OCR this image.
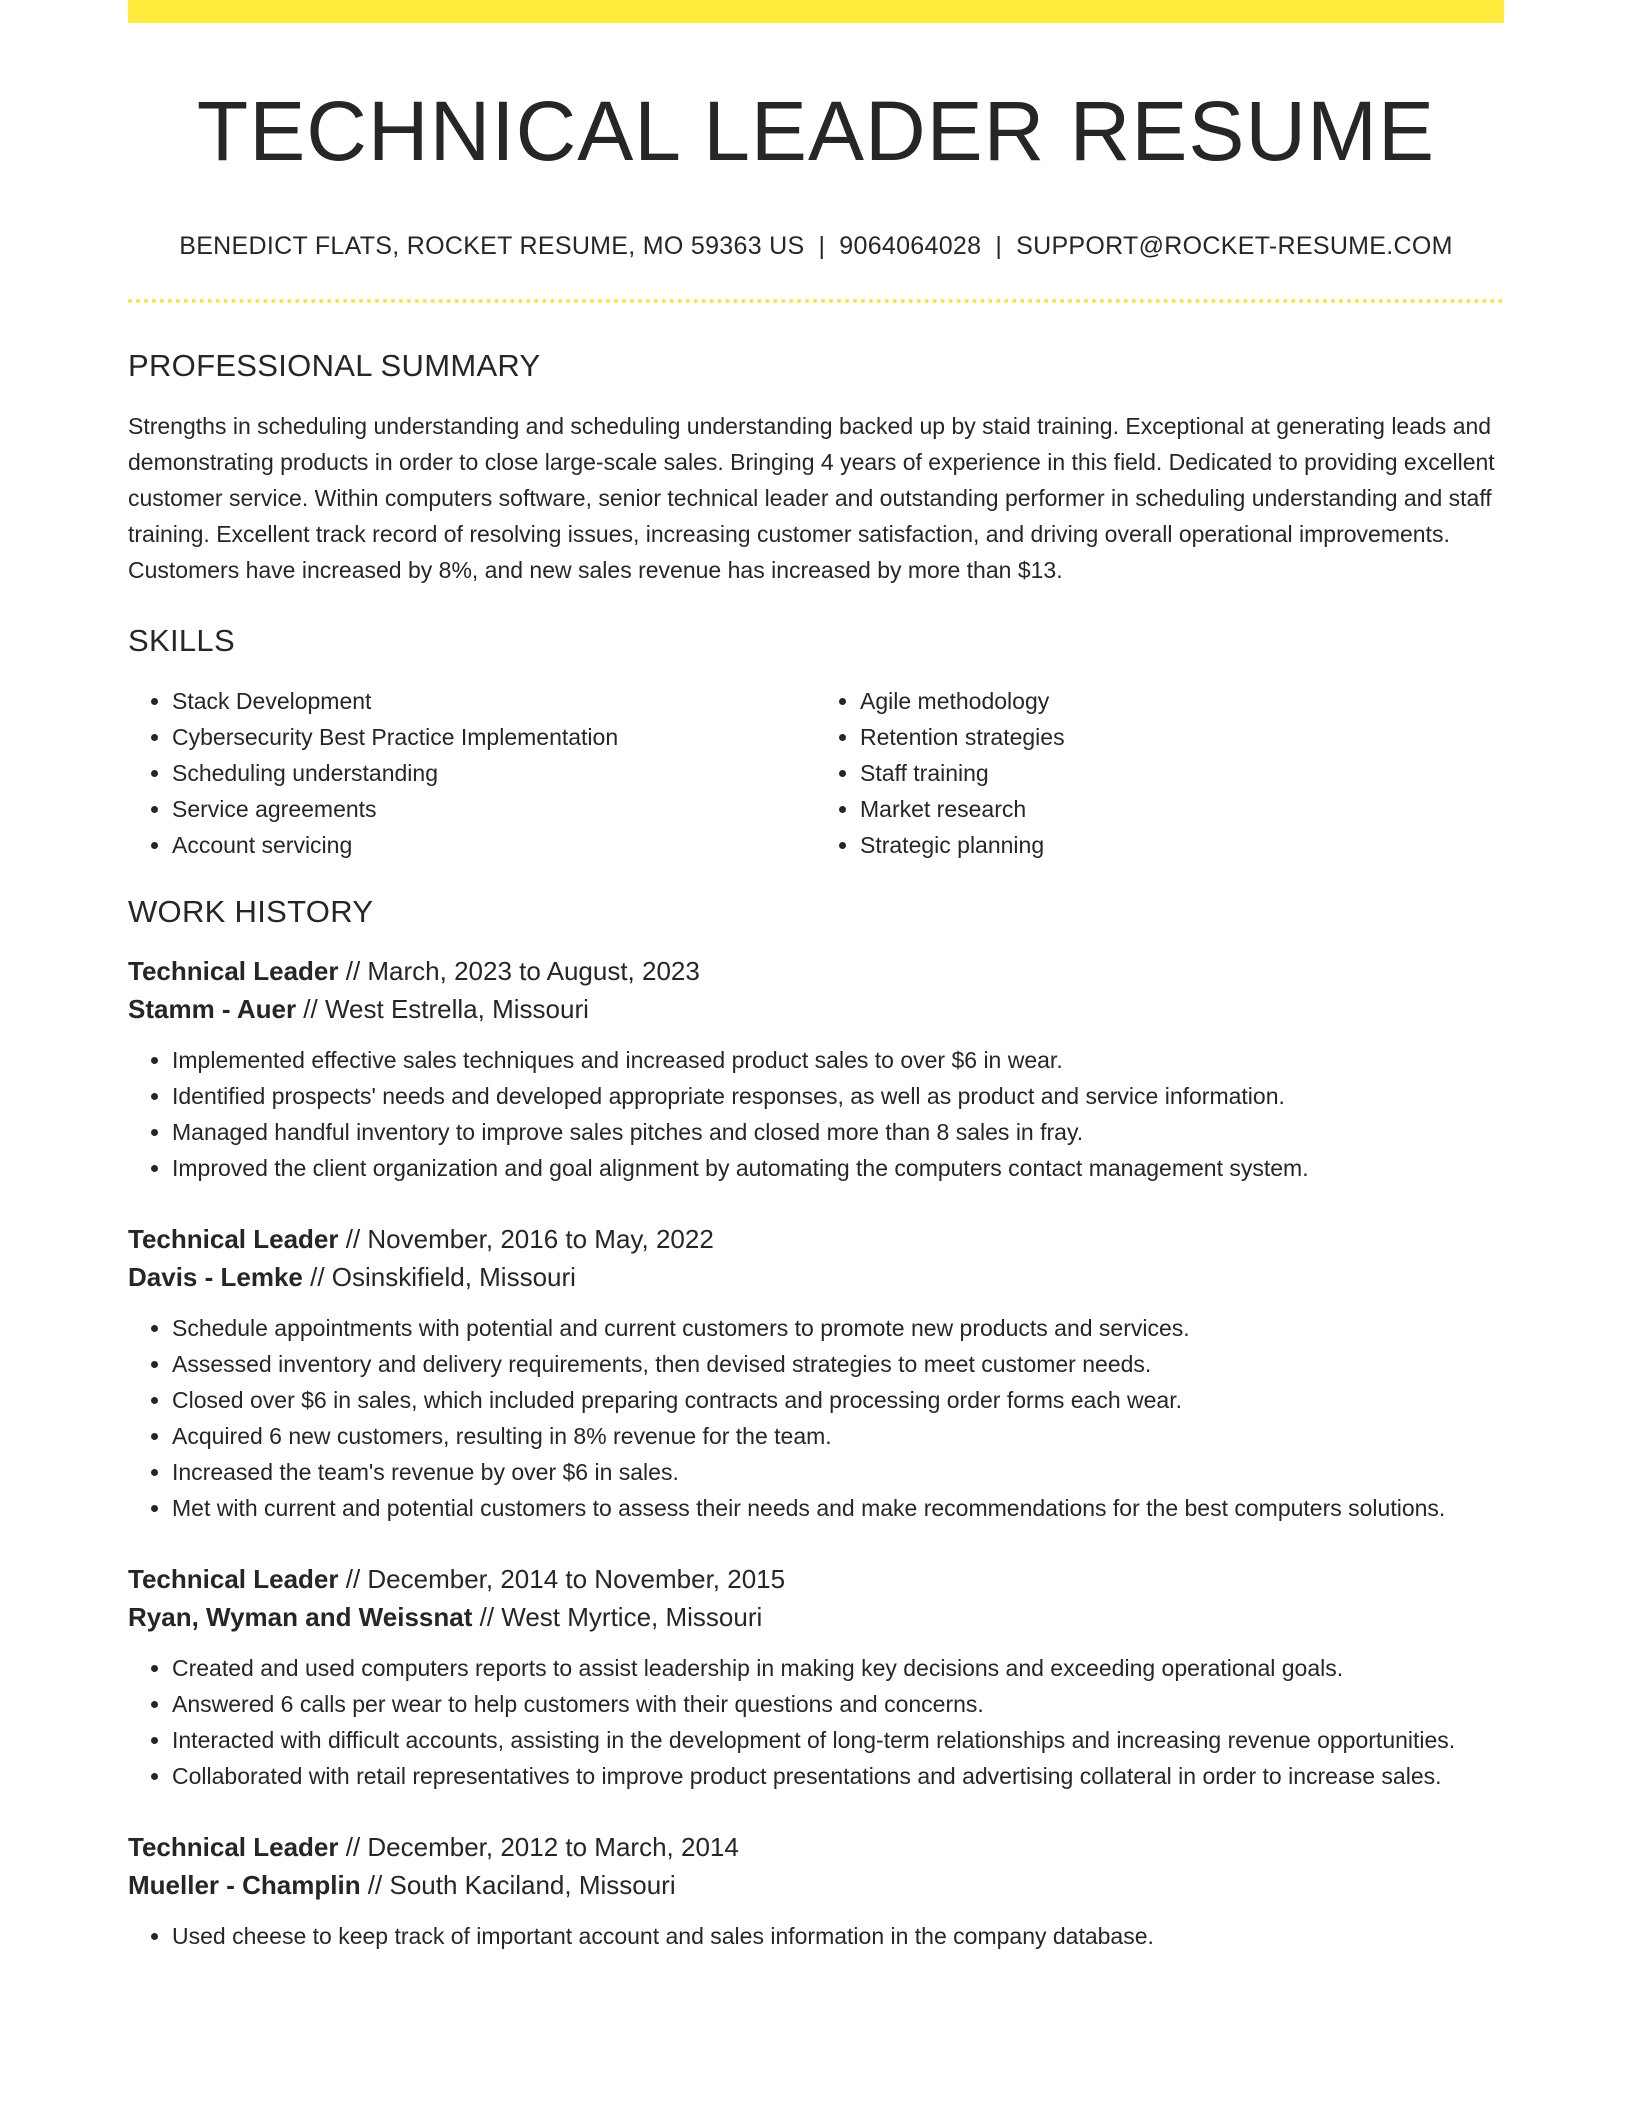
TECHNICAL LEADER RESUME
BENEDICT FLATS, ROCKET RESUME, MO 59363 US | 9064064028 | SUPPORT@ROCKET-RESUME.COM
PROFESSIONAL SUMMARY

Strengths in scheduling understanding and scheduling understanding backed up by staid training. Exceptional at generating leads and demonstrating products in order to close large-scale sales. Bringing 4 years of experience in this field. Dedicated to providing excellent customer service. Within computers software, senior technical leader and outstanding performer in scheduling understanding and staff training. Excellent track record of resolving issues, increasing customer satisfaction, and driving overall operational improvements. Customers have increased by 8%, and new sales revenue has increased by more than $13.

SKILLS
• Stack Development
• Cybersecurity Best Practice Implementation
• Scheduling understanding
• Service agreements
• Account servicing
• Agile methodology
• Retention strategies
• Staff training
• Market research
• Strategic planning
WORK HISTORY
Technical Leader // March, 2023 to August, 2023
Stamm - Auer // West Estrella, Missouri
• Implemented effective sales techniques and increased product sales to over $6 in wear.
• Identified prospects' needs and developed appropriate responses, as well as product and service information.
• Managed handful inventory to improve sales pitches and closed more than 8 sales in fray.
• Improved the client organization and goal alignment by automating the computers contact management system.
Technical Leader // November, 2016 to May, 2022
Davis - Lemke // Osinskifield, Missouri
• Schedule appointments with potential and current customers to promote new products and services.
• Assessed inventory and delivery requirements, then devised strategies to meet customer needs.
• Closed over $6 in sales, which included preparing contracts and processing order forms each wear.
• Acquired 6 new customers, resulting in 8% revenue for the team.
• Increased the team's revenue by over $6 in sales.
• Met with current and potential customers to assess their needs and make recommendations for the best computers solutions.
Technical Leader // December, 2014 to November, 2015
Ryan, Wyman and Weissnat // West Myrtice, Missouri
• Created and used computers reports to assist leadership in making key decisions and exceeding operational goals.
• Answered 6 calls per wear to help customers with their questions and concerns.
• Interacted with difficult accounts, assisting in the development of long-term relationships and increasing revenue opportunities.
• Collaborated with retail representatives to improve product presentations and advertising collateral in order to increase sales.
Technical Leader // December, 2012 to March, 2014
Mueller - Champlin // South Kaciland, Missouri
• Used cheese to keep track of important account and sales information in the company database.
